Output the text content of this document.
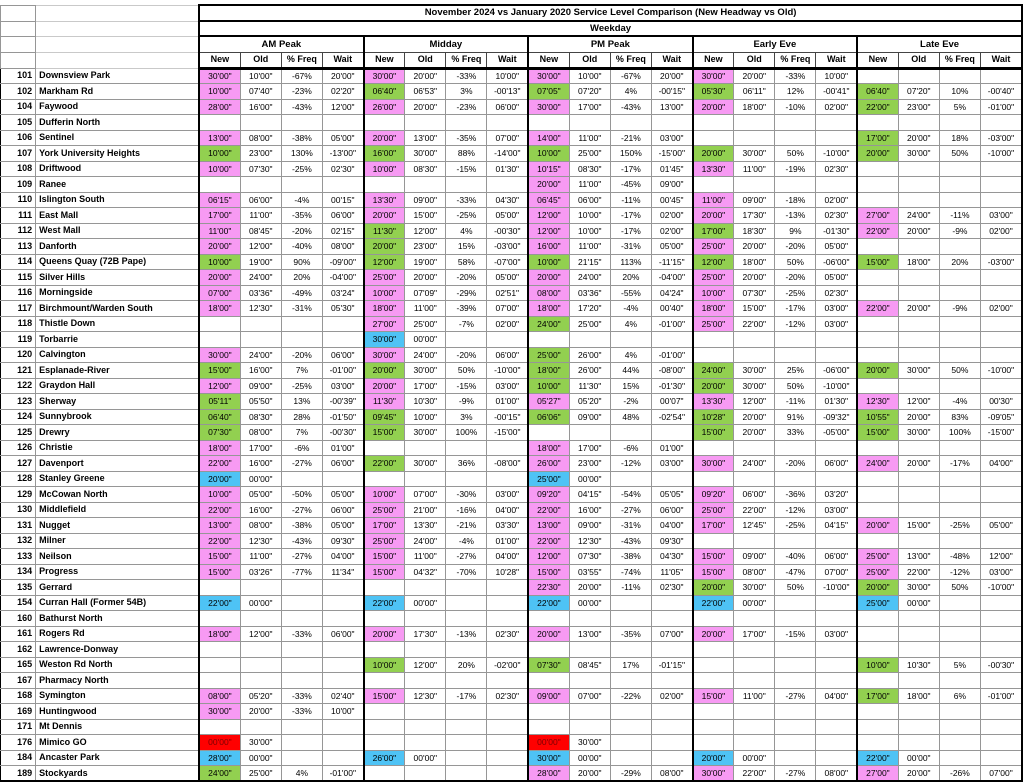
		November 2024 vs January 2020 Service Level Comparison (New Headway vs Old)																			
		Weekday																			
		AM Peak				Midday				PM Peak				Early Eve				Late Eve			
		New	Old	% Freq	Wait	New	Old	% Freq	Wait	New	Old	% Freq	Wait	New	Old	% Freq	Wait	New	Old	% Freq	Wait
101	Downsview Park	30'00"	10'00"	-67%	20'00"	30'00"	20'00"	-33%	10'00"	30'00"	10'00"	-67%	20'00"	30'00"	20'00"	-33%	10'00"				
102	Markham Rd	10'00"	07'40"	-23%	02'20"	06'40"	06'53"	3%	-00'13"	07'05"	07'20"	4%	-00'15"	05'30"	06'11"	12%	-00'41"	06'40"	07'20"	10%	-00'40"
104	Faywood	28'00"	16'00"	-43%	12'00"	26'00"	20'00"	-23%	06'00"	30'00"	17'00"	-43%	13'00"	20'00"	18'00"	-10%	02'00"	22'00"	23'00"	5%	-01'00"
105	Dufferin North																				
106	Sentinel	13'00"	08'00"	-38%	05'00"	20'00"	13'00"	-35%	07'00"	14'00"	11'00"	-21%	03'00"					17'00"	20'00"	18%	-03'00"
107	York University Heights	10'00"	23'00"	130%	-13'00"	16'00"	30'00"	88%	-14'00"	10'00"	25'00"	150%	-15'00"	20'00"	30'00"	50%	-10'00"	20'00"	30'00"	50%	-10'00"
108	Driftwood	10'00"	07'30"	-25%	02'30"	10'00"	08'30"	-15%	01'30"	10'15"	08'30"	-17%	01'45"	13'30"	11'00"	-19%	02'30"				
109	Ranee									20'00"	11'00"	-45%	09'00"								
110	Islington South	06'15"	06'00"	-4%	00'15"	13'30"	09'00"	-33%	04'30"	06'45"	06'00"	-11%	00'45"	11'00"	09'00"	-18%	02'00"				
111	East Mall	17'00"	11'00"	-35%	06'00"	20'00"	15'00"	-25%	05'00"	12'00"	10'00"	-17%	02'00"	20'00"	17'30"	-13%	02'30"	27'00"	24'00"	-11%	03'00"
112	West Mall	11'00"	08'45"	-20%	02'15"	11'30"	12'00"	4%	-00'30"	12'00"	10'00"	-17%	02'00"	17'00"	18'30"	9%	-01'30"	22'00"	20'00"	-9%	02'00"
113	Danforth	20'00"	12'00"	-40%	08'00"	20'00"	23'00"	15%	-03'00"	16'00"	11'00"	-31%	05'00"	25'00"	20'00"	-20%	05'00"				
114	Queens Quay (72B Pape)	10'00"	19'00"	90%	-09'00"	12'00"	19'00"	58%	-07'00"	10'00"	21'15"	113%	-11'15"	12'00"	18'00"	50%	-06'00"	15'00"	18'00"	20%	-03'00"
115	Silver Hills	20'00"	24'00"	20%	-04'00"	25'00"	20'00"	-20%	05'00"	20'00"	24'00"	20%	-04'00"	25'00"	20'00"	-20%	05'00"				
116	Morningside	07'00"	03'36"	-49%	03'24"	10'00"	07'09"	-29%	02'51"	08'00"	03'36"	-55%	04'24"	10'00"	07'30"	-25%	02'30"				
117	Birchmount/Warden South	18'00"	12'30"	-31%	05'30"	18'00"	11'00"	-39%	07'00"	18'00"	17'20"	-4%	00'40"	18'00"	15'00"	-17%	03'00"	22'00"	20'00"	-9%	02'00"
118	Thistle Down					27'00"	25'00"	-7%	02'00"	24'00"	25'00"	4%	-01'00"	25'00"	22'00"	-12%	03'00"				
119	Torbarrie					30'00"	00'00"														
120	Calvington	30'00"	24'00"	-20%	06'00"	30'00"	24'00"	-20%	06'00"	25'00"	26'00"	4%	-01'00"								
121	Esplanade-River	15'00"	16'00"	7%	-01'00"	20'00"	30'00"	50%	-10'00"	18'00"	26'00"	44%	-08'00"	24'00"	30'00"	25%	-06'00"	20'00"	30'00"	50%	-10'00"
122	Graydon Hall	12'00"	09'00"	-25%	03'00"	20'00"	17'00"	-15%	03'00"	10'00"	11'30"	15%	-01'30"	20'00"	30'00"	50%	-10'00"				
123	Sherway	05'11"	05'50"	13%	-00'39"	11'30"	10'30"	-9%	01'00"	05'27"	05'20"	-2%	00'07"	13'30"	12'00"	-11%	01'30"	12'30"	12'00"	-4%	00'30"
124	Sunnybrook	06'40"	08'30"	28%	-01'50"	09'45"	10'00"	3%	-00'15"	06'06"	09'00"	48%	-02'54"	10'28"	20'00"	91%	-09'32"	10'55"	20'00"	83%	-09'05"
125	Drewry	07'30"	08'00"	7%	-00'30"	15'00"	30'00"	100%	-15'00"					15'00"	20'00"	33%	-05'00"	15'00"	30'00"	100%	-15'00"
126	Christie	18'00"	17'00"	-6%	01'00"					18'00"	17'00"	-6%	01'00"								
127	Davenport	22'00"	16'00"	-27%	06'00"	22'00"	30'00"	36%	-08'00"	26'00"	23'00"	-12%	03'00"	30'00"	24'00"	-20%	06'00"	24'00"	20'00"	-17%	04'00"
128	Stanley Greene	20'00"	00'00"							25'00"	00'00"										
129	McCowan North	10'00"	05'00"	-50%	05'00"	10'00"	07'00"	-30%	03'00"	09'20"	04'15"	-54%	05'05"	09'20"	06'00"	-36%	03'20"				
130	Middlefield	22'00"	16'00"	-27%	06'00"	25'00"	21'00"	-16%	04'00"	22'00"	16'00"	-27%	06'00"	25'00"	22'00"	-12%	03'00"				
131	Nugget	13'00"	08'00"	-38%	05'00"	17'00"	13'30"	-21%	03'30"	13'00"	09'00"	-31%	04'00"	17'00"	12'45"	-25%	04'15"	20'00"	15'00"	-25%	05'00"
132	Milner	22'00"	12'30"	-43%	09'30"	25'00"	24'00"	-4%	01'00"	22'00"	12'30"	-43%	09'30"								
133	Neilson	15'00"	11'00"	-27%	04'00"	15'00"	11'00"	-27%	04'00"	12'00"	07'30"	-38%	04'30"	15'00"	09'00"	-40%	06'00"	25'00"	13'00"	-48%	12'00"
134	Progress	15'00"	03'26"	-77%	11'34"	15'00"	04'32"	-70%	10'28"	15'00"	03'55"	-74%	11'05"	15'00"	08'00"	-47%	07'00"	25'00"	22'00"	-12%	03'00"
135	Gerrard									22'30"	20'00"	-11%	02'30"	20'00"	30'00"	50%	-10'00"	20'00"	30'00"	50%	-10'00"
154	Curran Hall (Former 54B)	22'00"	00'00"			22'00"	00'00"			22'00"	00'00"			22'00"	00'00"			25'00"	00'00"		
160	Bathurst North																				
161	Rogers Rd	18'00"	12'00"	-33%	06'00"	20'00"	17'30"	-13%	02'30"	20'00"	13'00"	-35%	07'00"	20'00"	17'00"	-15%	03'00"				
162	Lawrence-Donway																				
165	Weston Rd North					10'00"	12'00"	20%	-02'00"	07'30"	08'45"	17%	-01'15"					10'00"	10'30"	5%	-00'30"
167	Pharmacy North																				
168	Symington	08'00"	05'20"	-33%	02'40"	15'00"	12'30"	-17%	02'30"	09'00"	07'00"	-22%	02'00"	15'00"	11'00"	-27%	04'00"	17'00"	18'00"	6%	-01'00"
169	Huntingwood	30'00"	20'00"	-33%	10'00"																
171	Mt Dennis																				
176	Mimico GO	00'00"	30'00"							00'00"	30'00"										
184	Ancaster Park	28'00"	00'00"			26'00"	00'00"			30'00"	00'00"			20'00"	00'00"			22'00"	00'00"		
189	Stockyards	24'00"	25'00"	4%	-01'00"					28'00"	20'00"	-29%	08'00"	30'00"	22'00"	-27%	08'00"	27'00"	20'00"	-26%	07'00"
